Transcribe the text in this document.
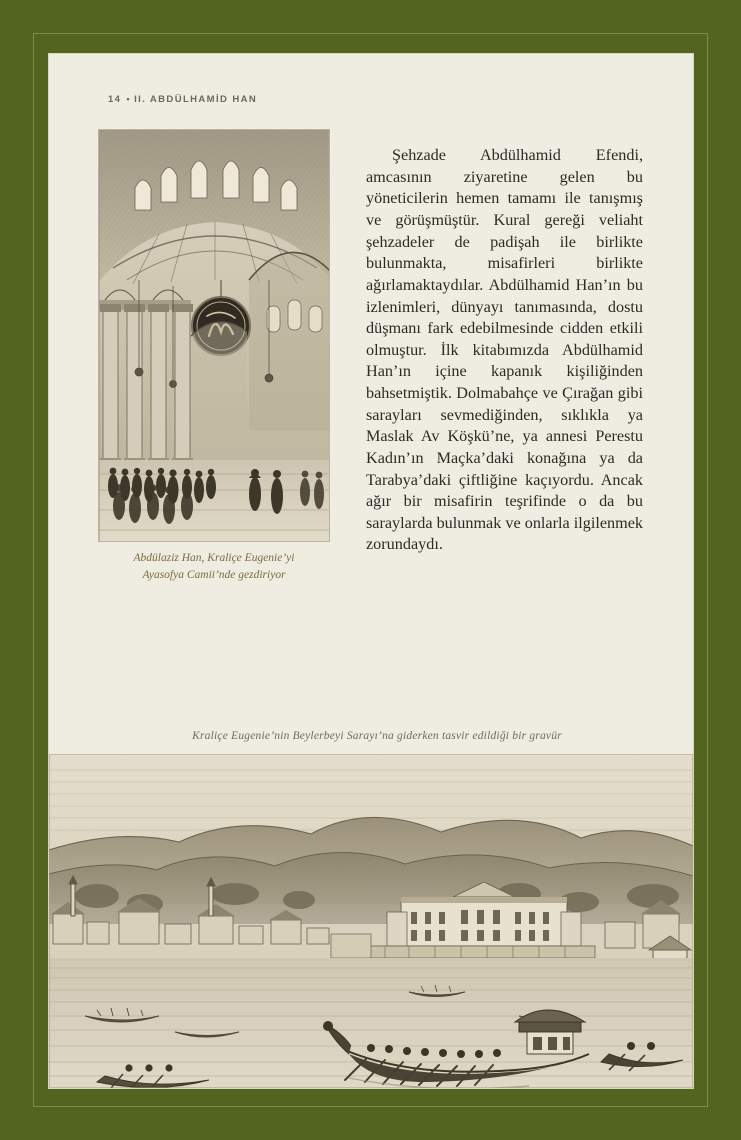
14 • II. ABDÜLHAMİD HAN
Abdülaziz Han, Kraliçe Eugenie’yi
Ayasofya Camii’nde gezdiriyor

Şehzade Abdülhamid Efendi, amcasının ziyaretine gelen bu yöneticilerin hemen tamamı ile tanışmış ve görüşmüştür. Kural gereği veliaht şehzadeler de padişah ile birlikte bulunmakta, misafirleri birlikte ağırlamaktaydılar. Abdülhamid Han’ın bu izlenimleri, dünyayı tanımasında, dostu düşmanı fark edebilmesinde cidden etkili olmuştur. İlk kitabımızda Abdülhamid Han’ın içine kapanık kişiliğinden bahsetmiştik. Dolmabahçe ve Çırağan gibi sarayları sevmediğinden, sıklıkla ya Maslak Av Köşkü’ne, ya annesi Perestu Kadın’ın Maçka’daki konağına ya da Tarabya’daki çiftliğine kaçıyordu. Ancak ağır bir misafirin teşrifinde o da bu saraylarda bulunmak ve onlarla ilgilenmek zorundaydı.

Kraliçe Eugenie’nin Beylerbeyi Sarayı’na giderken tasvir edildiği bir gravür
